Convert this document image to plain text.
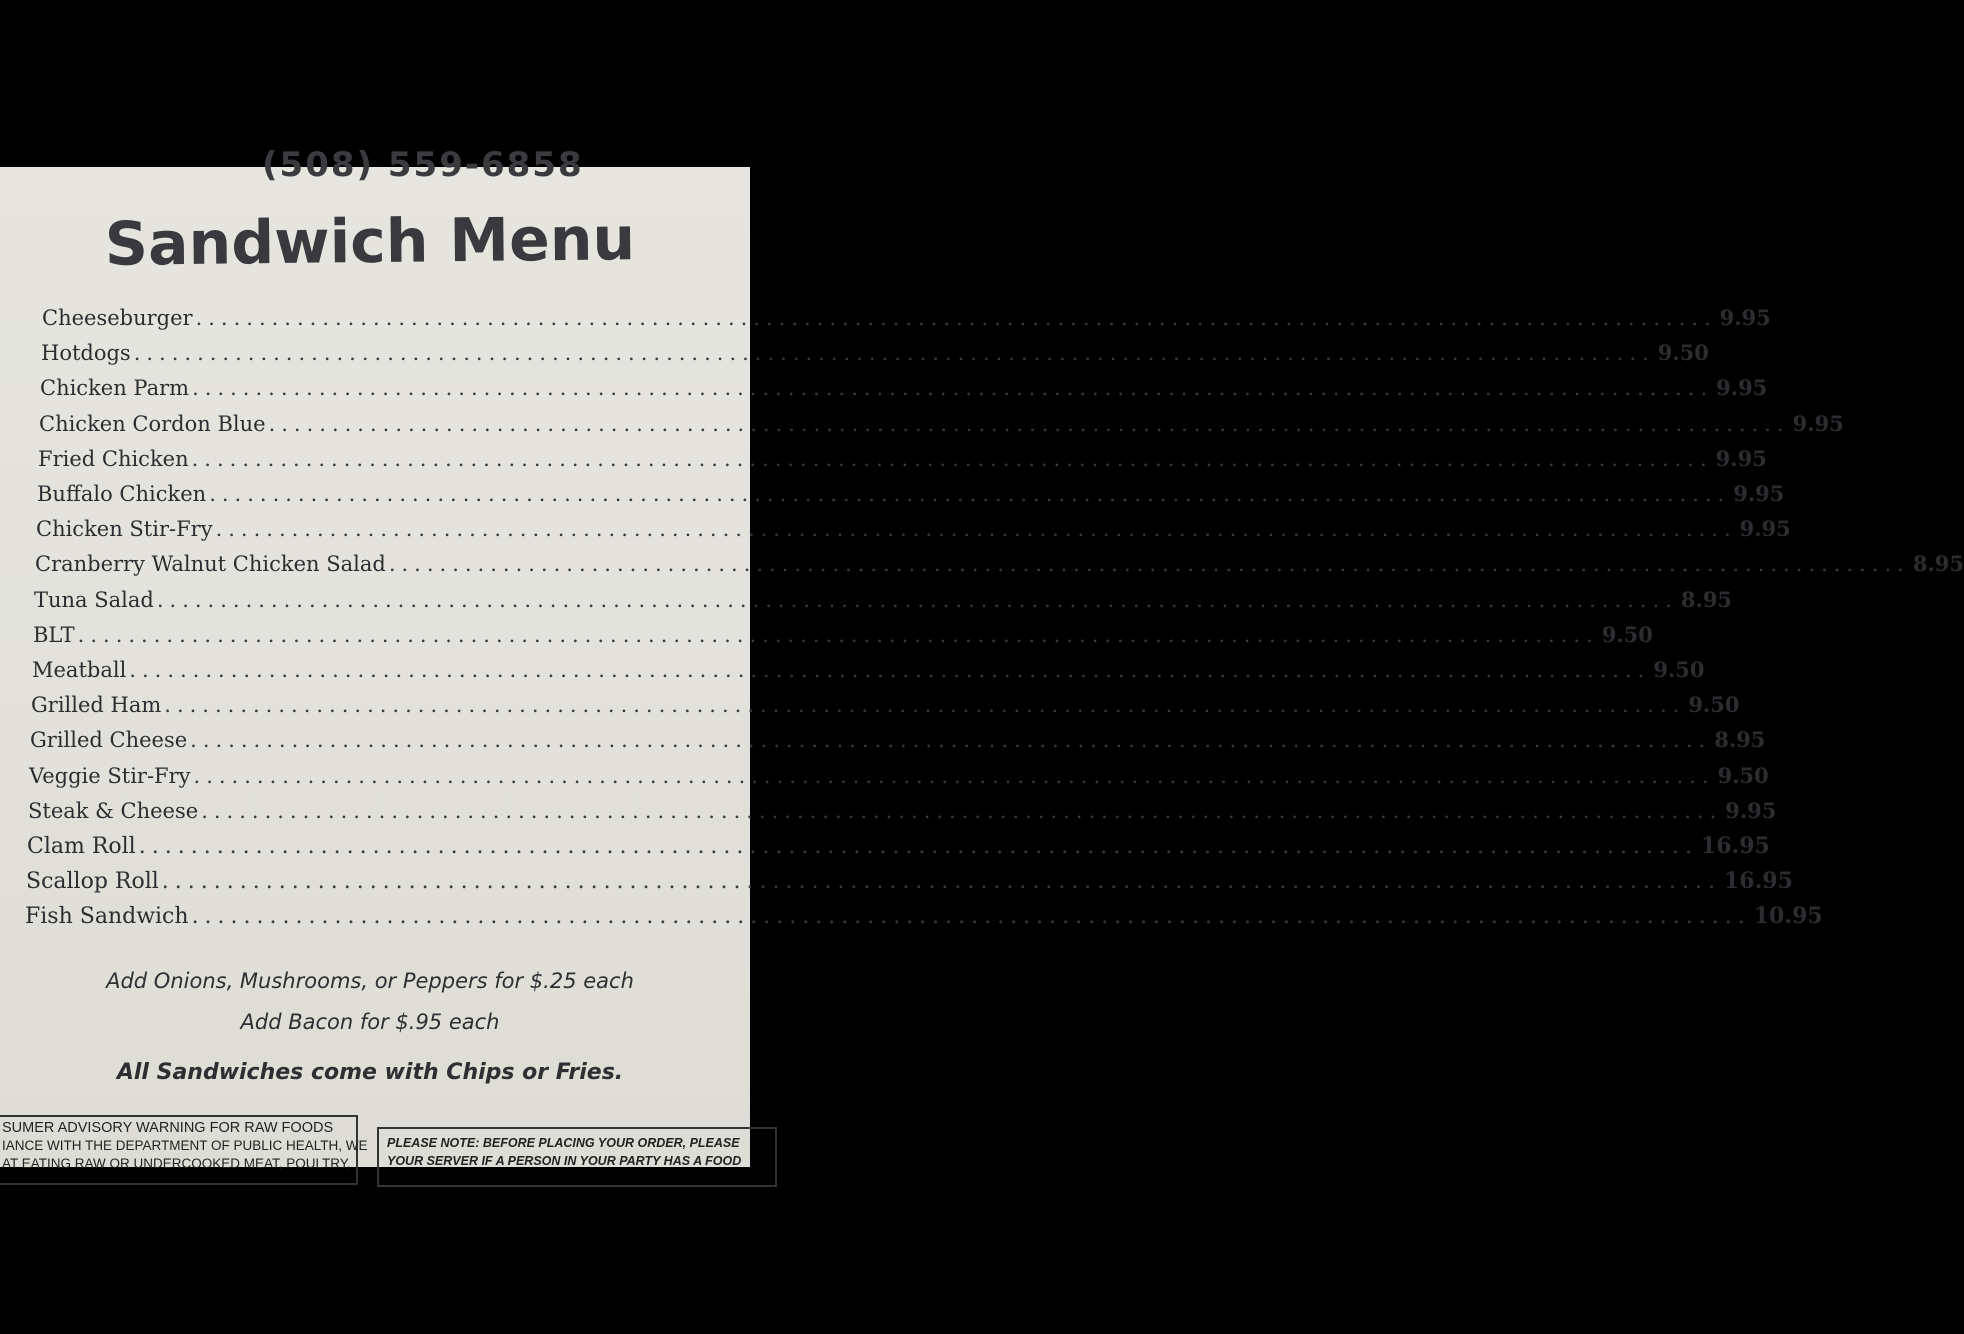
(508) 559-6858
Sandwich Menu
Cheeseburger ........................................................................................................................ 9.95
Hotdogs ........................................................................................................................ 9.50
Chicken Parm ........................................................................................................................ 9.95
Chicken Cordon Blue ........................................................................................................................ 9.95
Fried Chicken ........................................................................................................................ 9.95
Buffalo Chicken ........................................................................................................................ 9.95
Chicken Stir-Fry ........................................................................................................................ 9.95
Cranberry Walnut Chicken Salad ........................................................................................................................ 8.95
Tuna Salad ........................................................................................................................ 8.95
BLT ........................................................................................................................ 9.50
Meatball ........................................................................................................................ 9.50
Grilled Ham ........................................................................................................................ 9.50
Grilled Cheese ........................................................................................................................ 8.95
Veggie Stir-Fry ........................................................................................................................ 9.50
Steak & Cheese ........................................................................................................................ 9.95
Clam Roll ........................................................................................................................ 16.95
Scallop Roll ........................................................................................................................ 16.95
Fish Sandwich ........................................................................................................................ 10.95
Add Onions, Mushrooms, or Peppers for $.25 each
Add Bacon for $.95 each
All Sandwiches come with Chips or Fries.
SUMER ADVISORY WARNING FOR RAW FOODS
IANCE WITH THE DEPARTMENT OF PUBLIC HEALTH, WE
AT EATING RAW OR UNDERCOOKED MEAT, POULTRY,
PLEASE NOTE: BEFORE PLACING YOUR ORDER, PLEASE
YOUR SERVER IF A PERSON IN YOUR PARTY HAS A FOOD
